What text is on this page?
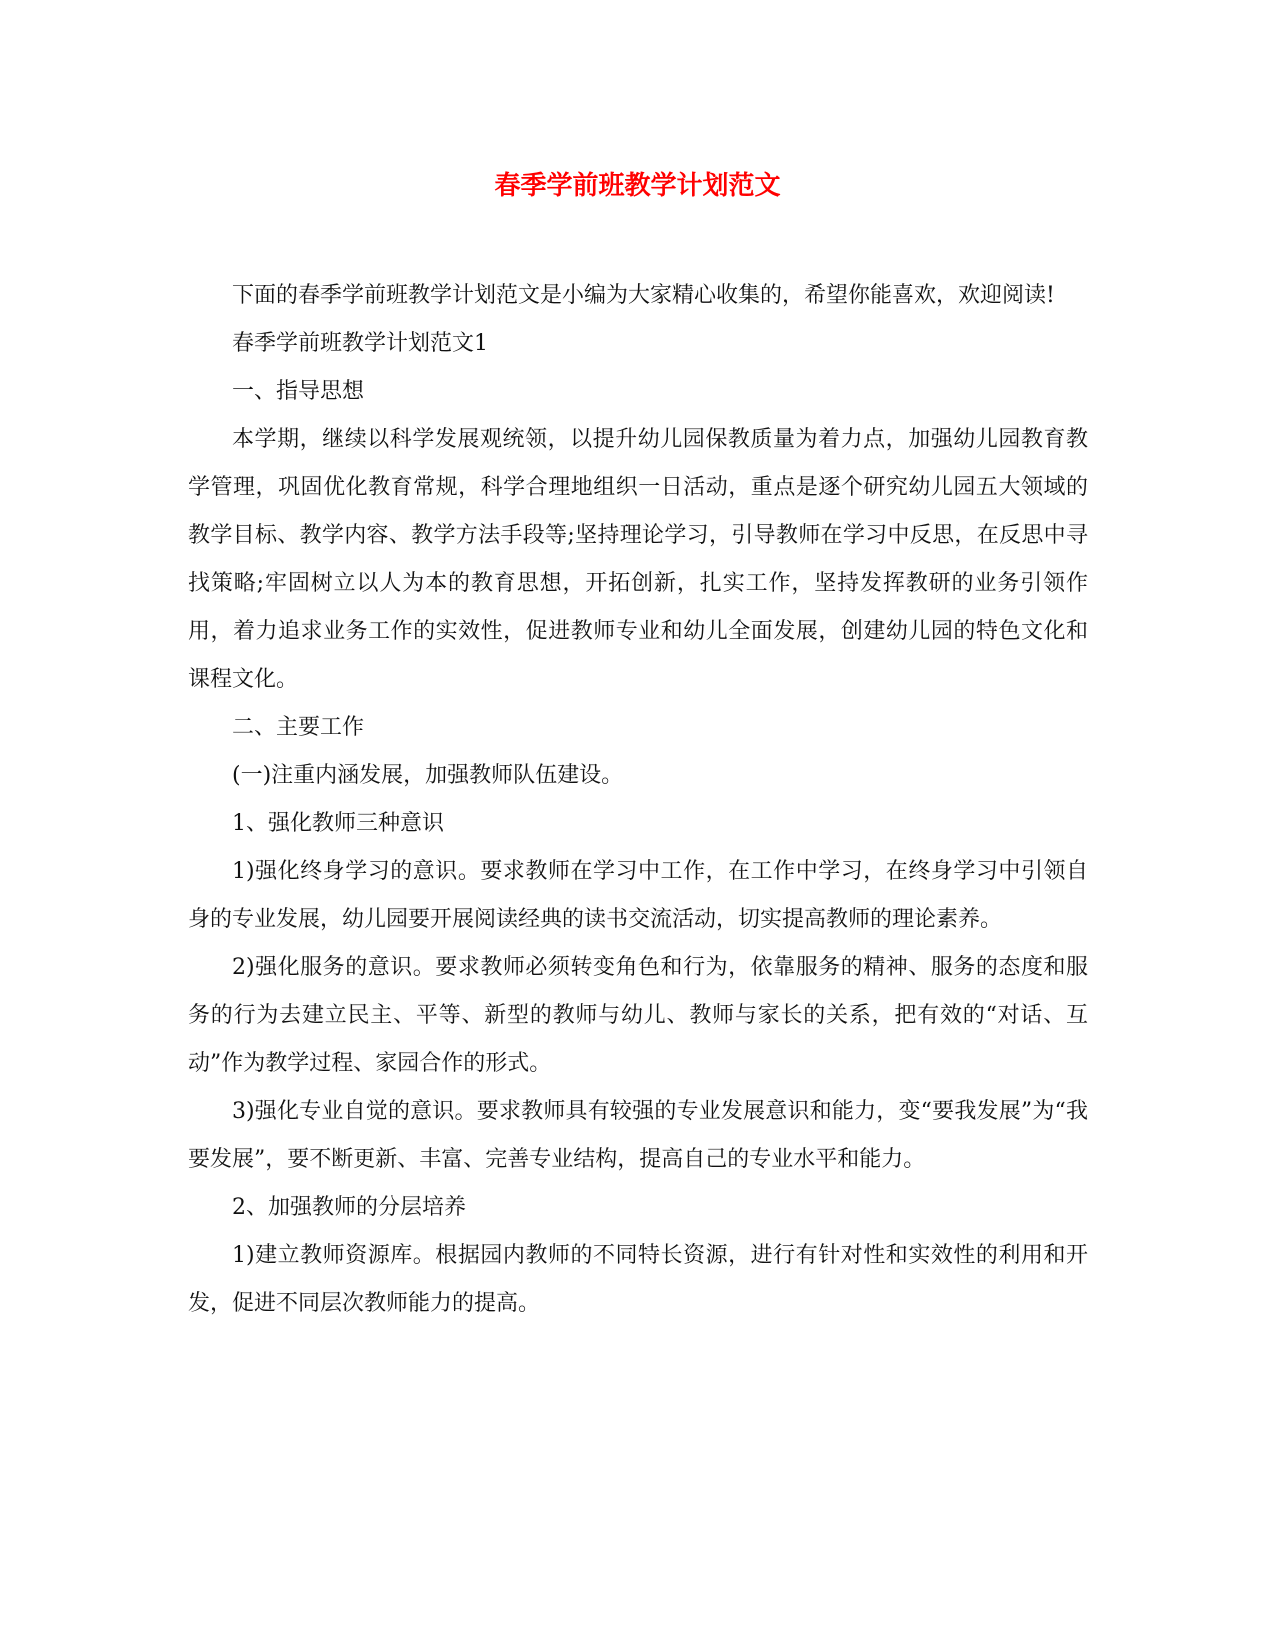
春季学前班教学计划范文

下面的春季学前班教学计划范文是小编为大家精心收集的，希望你能喜欢，欢迎阅读!

春季学前班教学计划范文1

一、指导思想

本学期，继续以科学发展观统领，以提升幼儿园保教质量为着力点，加强幼儿园教育教学管理，巩固优化教育常规，科学合理地组织一日活动，重点是逐个研究幼儿园五大领域的教学目标、教学内容、教学方法手段等;坚持理论学习，引导教师在学习中反思，在反思中寻找策略;牢固树立以人为本的教育思想，开拓创新，扎实工作，坚持发挥教研的业务引领作用，着力追求业务工作的实效性，促进教师专业和幼儿全面发展，创建幼儿园的特色文化和课程文化。

二、主要工作

(一)注重内涵发展，加强教师队伍建设。

1、强化教师三种意识

1)强化终身学习的意识。要求教师在学习中工作，在工作中学习，在终身学习中引领自身的专业发展，幼儿园要开展阅读经典的读书交流活动，切实提高教师的理论素养。

2)强化服务的意识。要求教师必须转变角色和行为，依靠服务的精神、服务的态度和服务的行为去建立民主、平等、新型的教师与幼儿、教师与家长的关系，把有效的“对话、互动”作为教学过程、家园合作的形式。

3)强化专业自觉的意识。要求教师具有较强的专业发展意识和能力，变“要我发展”为“我要发展”，要不断更新、丰富、完善专业结构，提高自己的专业水平和能力。

2、加强教师的分层培养

1)建立教师资源库。根据园内教师的不同特长资源，进行有针对性和实效性的利用和开发，促进不同层次教师能力的提高。
